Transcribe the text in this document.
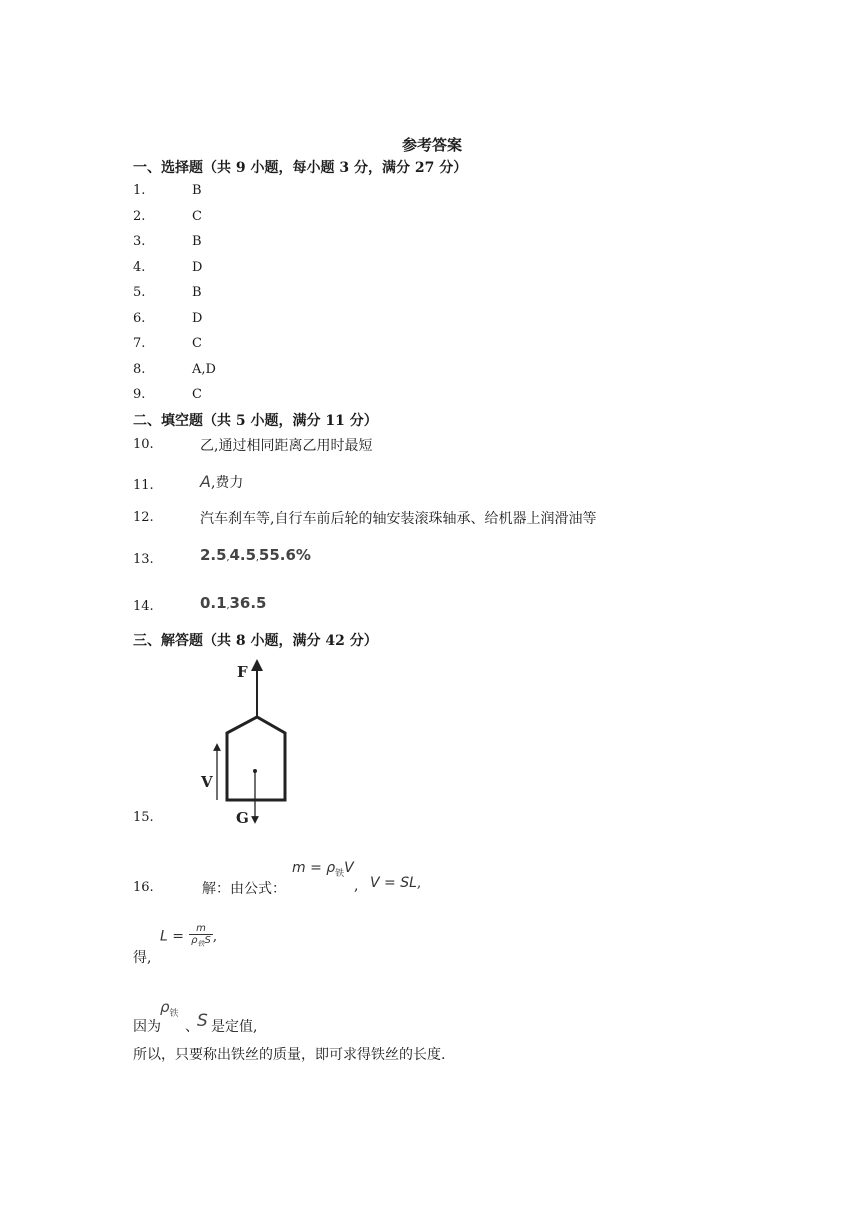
参考答案
一、选择题（共 9 小题，每小题 3 分，满分 27 分）
1.	B
2.	C
3.	B
4.	D
5.	B
6.	D
7.	C
8.	A,D
9.	C
二、填空题（共 5 小题，满分 11 分）
10.	乙,通过相同距离乙用时最短
11.	A,费力
12.	汽车刹车等,自行车前后轮的轴安装滚珠轴承、给机器上润滑油等
13.	2.5,4.5,55.6%
14.	0.1,36.5
三、解答题（共 8 小题，满分 42 分）
15.
F
V
G
16.	解：由公式：
$m = \rho_铁V$
, V = SL,
得,
$L = \frac{m}{\rho_铁S}$ ,
因为
$\rho_铁$
、
S 是定值,
所以，只要称出铁丝的质量，即可求得铁丝的长度.
